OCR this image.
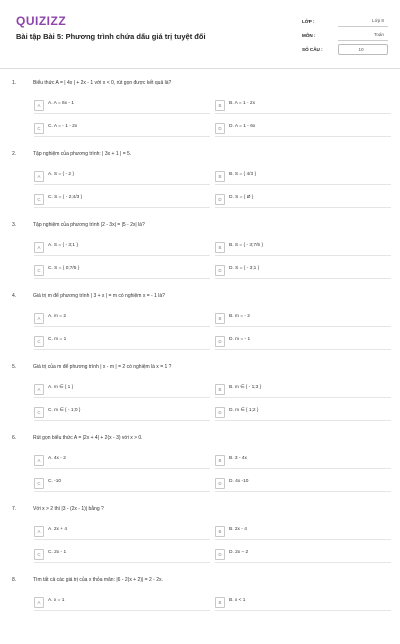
QUIZIZZ
Bài tập Bài 5: Phương trình chứa dấu giá trị tuyệt đối
LỚP :	Lớp 8
MÔN :	Toán
SỐ CÂU :	10
1.	Biểu thức A = | 4x | + 2x - 1 với x < 0, rút gọn được kết quả là?
A	A. A = 6x - 1	B	B. A = 1 - 2x
C	C. A = - 1 - 2x	D	D. A = 1 - 6x
2.	Tập nghiệm của phương trình: | 3x + 1 | = 5.
A	A. S = { - 2 }	B	B. S = { 4/3 }
C	C. S = { - 2;4/3 }	D	D. S = { Ø }
3.	Tập nghiệm của phương trình |2 - 3x| = |5 - 2x| là?
A	A. S = { - 3;1 }	B	B. S = { - 3;7/5 }
C	C. S = { 0;7/5 }	D	D. S = { - 3;1 }
4.	Giá trị m để phương trình | 3 + x | = m có nghiệm x = - 1 là?
A	A. m = 2	B	B. m = - 2
C	C. m = 1	D	D. m = - 1
5.	Giá trị của m để phương trình | x - m | = 2 có nghiệm là x = 1 ?
A	A. m ∈ { 1 }	B	B. m ∈ { - 1;3 }
C	C. m ∈ { - 1;0 }	D	D. m ∈ { 1;2 }
6.	Rút gọn biểu thức A = |2x + 4| + 2(x - 3) với x > 0.
A	A. 4x - 2	B	B. 3 - 4x
C	C. -10	D	D. 4x -10
7.	Với x > 2 thì |3 - (2x - 1)| bằng ?
A	A. 2x + 4	B	B. 2x - 4
C	C. 2x - 1	D	D. 2x – 2
8.	Tìm tất cả các giá trị của x thỏa mãn: |6 - 2(x + 2)| = 2 - 2x.
A	A. x = 1	B	B. x < 1
